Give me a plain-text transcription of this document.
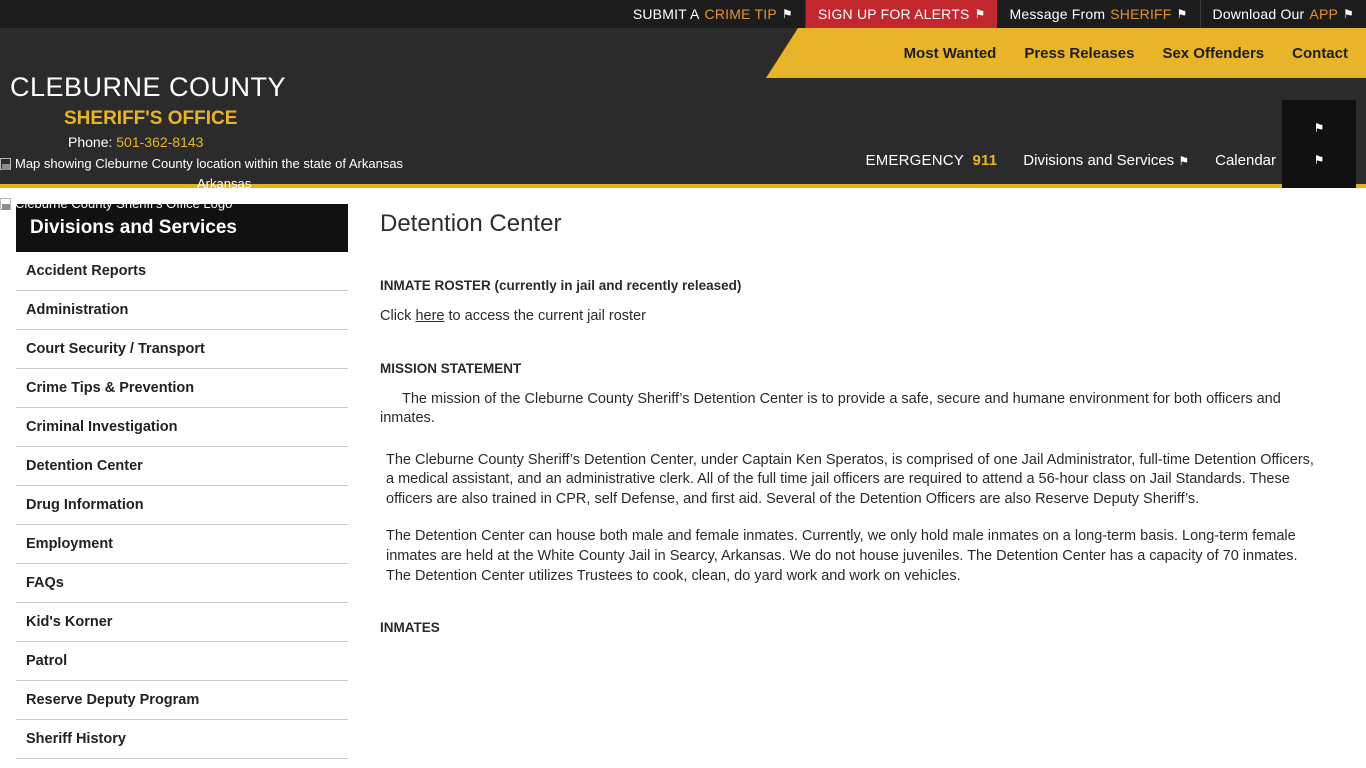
SUBMIT A CRIME TIP ⚑ SIGN UP FOR ALERTS ⚑ Message From SHERIFF ⚑ Download Our APP ⚑
Most Wanted Press Releases Sex Offenders Contact
CLEBURNE COUNTY
SHERIFF'S OFFICE
Phone: 501-362-8143
Map showing Cleburne County location within the state of Arkansas
Arkansas
Cleburne County Sheriff's Office Logo
EMERGENCY 911 Divisions and Services ⚑ Calendar
⚑
⚑
Divisions and Services
Accident Reports
Administration
Court Security / Transport
Crime Tips & Prevention
Criminal Investigation
Detention Center
Drug Information
Employment
FAQs
Kid's Korner
Patrol
Reserve Deputy Program
Sheriff History
Detention Center
INMATE ROSTER (currently in jail and recently released)

Click here to access the current jail roster

MISSION STATEMENT

The mission of the Cleburne County Sheriff’s Detention Center is to provide a safe, secure and humane environment for both officers and inmates.

The Cleburne County Sheriff’s Detention Center, under Captain Ken Speratos, is comprised of one Jail Administrator, full-time Detention Officers, a medical assistant, and an administrative clerk. All of the full time jail officers are required to attend a 56-hour class on Jail Standards. These officers are also trained in CPR, self Defense, and first aid. Several of the Detention Officers are also Reserve Deputy Sheriff’s.

The Detention Center can house both male and female inmates. Currently, we only hold male inmates on a long-term basis. Long-term female inmates are held at the White County Jail in Searcy, Arkansas. We do not house juveniles. The Detention Center has a capacity of 70 inmates. The Detention Center utilizes Trustees to cook, clean, do yard work and work on vehicles.

INMATES
